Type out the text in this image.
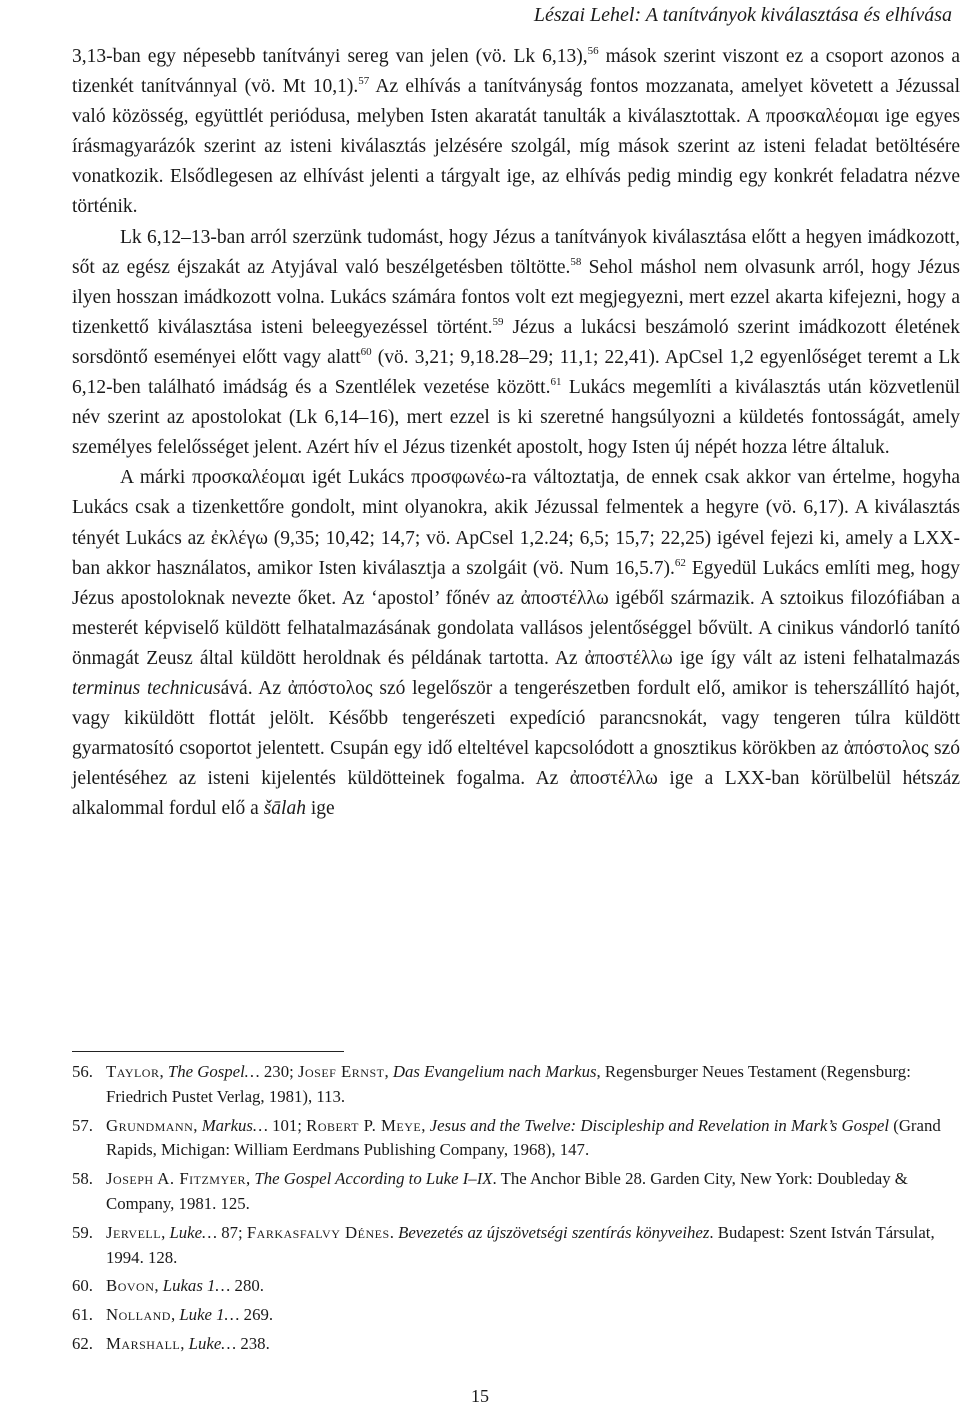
Lészai Lehel: A tanítványok kiválasztása és elhívása

3,13-ban egy népesebb tanítványi sereg van jelen (vö. Lk 6,13),$^{56}$ mások szerint viszont ez a csoport azonos a tizenkét tanítvánnyal (vö. Mt 10,1).$^{57}$ Az elhívás a tanítványság fontos mozzanata, amelyet követett a Jézussal való közösség, együttlét periódusa, melyben Isten akaratát tanulták a kiválasztottak. A προσκαλέομαι ige egyes írásmagyarázók szerint az isteni kiválasztás jelzésére szolgál, míg mások szerint az isteni feladat betöltésére vonatkozik. Elsődlegesen az elhívást jelenti a tárgyalt ige, az elhívás pedig mindig egy konkrét feladatra nézve történik.

Lk 6,12–13-ban arról szerzünk tudomást, hogy Jézus a tanítványok kiválasztása előtt a hegyen imádkozott, sőt az egész éjszakát az Atyjával való beszélgetésben töltötte.$^{58}$ Sehol máshol nem olvasunk arról, hogy Jézus ilyen hosszan imádkozott volna. Lukács számára fontos volt ezt megjegyezni, mert ezzel akarta kifejezni, hogy a tizenkettő kiválasztása isteni beleegyezéssel történt.$^{59}$ Jézus a lukácsi beszámoló szerint imádkozott életének sorsdöntő eseményei előtt vagy alatt$^{60}$ (vö. 3,21; 9,18.28–29; 11,1; 22,41). ApCsel 1,2 egyenlőséget teremt a Lk 6,12-ben található imádság és a Szentlélek vezetése között.$^{61}$ Lukács megemlíti a kiválasztás után közvetlenül név szerint az apostolokat (Lk 6,14–16), mert ezzel is ki szeretné hangsúlyozni a küldetés fontosságát, amely személyes felelősséget jelent. Azért hív el Jézus tizenkét apostolt, hogy Isten új népét hozza létre általuk.

A márki προσκαλέομαι igét Lukács προσφωνέω-ra változtatja, de ennek csak akkor van értelme, hogyha Lukács csak a tizenkettőre gondolt, mint olyanokra, akik Jézussal felmentek a hegyre (vö. 6,17). A kiválasztás tényét Lukács az ἐκλέγω (9,35; 10,42; 14,7; vö. ApCsel 1,2.24; 6,5; 15,7; 22,25) igével fejezi ki, amely a LXX-ban akkor használatos, amikor Isten kiválasztja a szolgáit (vö. Num 16,5.7).$^{62}$ Egyedül Lukács említi meg, hogy Jézus apostoloknak nevezte őket. Az ‘apostol’ főnév az ἀποστέλλω igéből származik. A sztoikus filozófiában a mesterét képviselő küldött felhatalmazásának gondolata vallásos jelentőséggel bővült. A cinikus vándorló tanító önmagát Zeusz által küldött heroldnak és példának tartotta. Az ἀποστέλλω ige így vált az isteni felhatalmazás terminus technicusává. Az ἀπόστολος szó legelőször a tengerészetben fordult elő, amikor is teherszállító hajót, vagy kiküldött flottát jelölt. Később tengerészeti expedíció parancsnokát, vagy tengeren túlra küldött gyarmatosító csoportot jelentett. Csupán egy idő elteltével kapcsolódott a gnosztikus körökben az ἀπόστολος szó jelentéséhez az isteni kijelentés küldötteinek fogalma. Az ἀποστέλλω ige a LXX-ban körülbelül hétszáz alkalommal fordul elő a šālah ige

56. Taylor, The Gospel… 230; Josef Ernst, Das Evangelium nach Markus, Regensburger Neues Testament (Regensburg: Friedrich Pustet Verlag, 1981), 113.
57. Grundmann, Markus… 101; Robert P. Meye, Jesus and the Twelve: Discipleship and Revelation in Mark’s Gospel (Grand Rapids, Michigan: William Eerdmans Publishing Company, 1968), 147.
58. Joseph A. Fitzmyer, The Gospel According to Luke I–IX. The Anchor Bible 28. Garden City, New York: Doubleday & Company, 1981. 125.
59. Jervell, Luke… 87; Farkasfalvy Dénes. Bevezetés az újszövetségi szentírás könyveihez. Budapest: Szent István Társulat, 1994. 128.
60. Bovon, Lukas 1… 280.
61. Nolland, Luke 1… 269.
62. Marshall, Luke… 238.
15
